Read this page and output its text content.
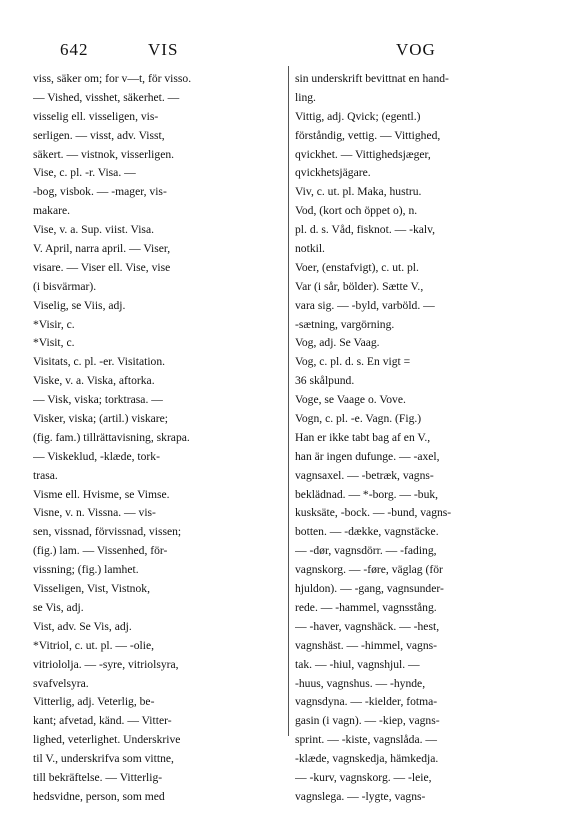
642	VIS	VOG
viss, säker om; for v—t, för visso.
— Vished, visshet, säkerhet. —
visselig ell. visseligen, vis-
serligen. — visst, adv. Visst,
säkert. — vistnok, visserligen.
Vise, c. pl. -r. Visa. —
-bog, visbok. — -mager, vis-
makare.
Vise, v. a. Sup. viist. Visa.
V. April, narra april. — Viser,
visare. — Viser ell. Vise, vise
(i bisvärmar).
Viselig, se Viis, adj.
*Visir, c.
*Visit, c.
Visitats, c. pl. -er. Visitation.
Viske, v. a. Viska, aftorka.
— Visk, viska; torktrasa. —
Visker, viska; (artil.) viskare;
(fig. fam.) tillrättavisning, skrapa.
— Viskeklud, -klæde, tork-
trasa.
Visme ell. Hvisme, se Vimse.
Visne, v. n. Vissna. — vis-
sen, vissnad, förvissnad, vissen;
(fig.) lam. — Vissenhed, för-
vissning; (fig.) lamhet.
Visseligen, Vist, Vistnok,
se Vis, adj.
Vist, adv. Se Vis, adj.
*Vitriol, c. ut. pl. — -olie,
vitriololja. — -syre, vitriolsyra,
svafvelsyra.
Vitterlig, adj. Veterlig, be-
kant; afvetad, känd. — Vitter-
lighed, veterlighet. Underskrive
til V., underskrifva som vittne,
till bekräftelse. — Vitterlig-
hedsvidne, person, som med
sin underskrift bevittnat en hand-
ling.
Vittig, adj. Qvick; (egentl.)
förståndig, vettig. — Vittighed,
qvickhet. — Vittighedsjæger,
qvickhetsjägare.
Viv, c. ut. pl. Maka, hustru.
Vod, (kort och öppet o), n.
pl. d. s. Våd, fisknot. — -kalv,
notkil.
Voer, (enstafvigt), c. ut. pl.
Var (i sår, bölder). Sætte V.,
vara sig. — -byld, varböld. —
-sætning, vargörning.
Vog, adj. Se Vaag.
Vog, c. pl. d. s. En vigt =
36 skålpund.
Voge, se Vaage o. Vove.
Vogn, c. pl. -e. Vagn. (Fig.)
Han er ikke tabt bag af en V.,
han är ingen dufunge. — -axel,
vagnsaxel. — -betræk, vagns-
beklädnad. — *-borg. — -buk,
kusksäte, -bock. — -bund, vagns-
botten. — -dække, vagnstäcke.
— -dør, vagnsdörr. — -fading,
vagnskorg. — -føre, väglag (för
hjuldon). — -gang, vagnsunder-
rede. — -hammel, vagnsstång.
— -haver, vagnshäck. — -hest,
vagnshäst. — -himmel, vagns-
tak. — -hiul, vagnshjul. —
-huus, vagnshus. — -hynde,
vagnsdyna. — -kielder, fotma-
gasin (i vagn). — -kiep, vagns-
sprint. — -kiste, vagnslåda. —
-klæde, vagnskedja, hämkedja.
— -kurv, vagnskorg. — -leie,
vagnslega. — -lygte, vagns-
